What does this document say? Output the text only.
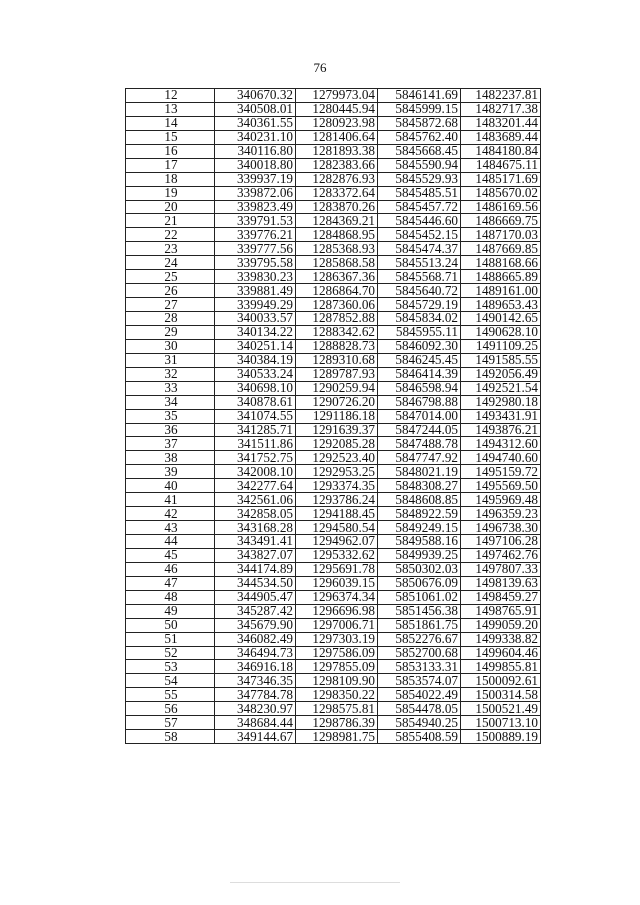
76
12	340670.32	1279973.04	5846141.69	1482237.81
13	340508.01	1280445.94	5845999.15	1482717.38
14	340361.55	1280923.98	5845872.68	1483201.44
15	340231.10	1281406.64	5845762.40	1483689.44
16	340116.80	1281893.38	5845668.45	1484180.84
17	340018.80	1282383.66	5845590.94	1484675.11
18	339937.19	1282876.93	5845529.93	1485171.69
19	339872.06	1283372.64	5845485.51	1485670.02
20	339823.49	1283870.26	5845457.72	1486169.56
21	339791.53	1284369.21	5845446.60	1486669.75
22	339776.21	1284868.95	5845452.15	1487170.03
23	339777.56	1285368.93	5845474.37	1487669.85
24	339795.58	1285868.58	5845513.24	1488168.66
25	339830.23	1286367.36	5845568.71	1488665.89
26	339881.49	1286864.70	5845640.72	1489161.00
27	339949.29	1287360.06	5845729.19	1489653.43
28	340033.57	1287852.88	5845834.02	1490142.65
29	340134.22	1288342.62	5845955.11	1490628.10
30	340251.14	1288828.73	5846092.30	1491109.25
31	340384.19	1289310.68	5846245.45	1491585.55
32	340533.24	1289787.93	5846414.39	1492056.49
33	340698.10	1290259.94	5846598.94	1492521.54
34	340878.61	1290726.20	5846798.88	1492980.18
35	341074.55	1291186.18	5847014.00	1493431.91
36	341285.71	1291639.37	5847244.05	1493876.21
37	341511.86	1292085.28	5847488.78	1494312.60
38	341752.75	1292523.40	5847747.92	1494740.60
39	342008.10	1292953.25	5848021.19	1495159.72
40	342277.64	1293374.35	5848308.27	1495569.50
41	342561.06	1293786.24	5848608.85	1495969.48
42	342858.05	1294188.45	5848922.59	1496359.23
43	343168.28	1294580.54	5849249.15	1496738.30
44	343491.41	1294962.07	5849588.16	1497106.28
45	343827.07	1295332.62	5849939.25	1497462.76
46	344174.89	1295691.78	5850302.03	1497807.33
47	344534.50	1296039.15	5850676.09	1498139.63
48	344905.47	1296374.34	5851061.02	1498459.27
49	345287.42	1296696.98	5851456.38	1498765.91
50	345679.90	1297006.71	5851861.75	1499059.20
51	346082.49	1297303.19	5852276.67	1499338.82
52	346494.73	1297586.09	5852700.68	1499604.46
53	346916.18	1297855.09	5853133.31	1499855.81
54	347346.35	1298109.90	5853574.07	1500092.61
55	347784.78	1298350.22	5854022.49	1500314.58
56	348230.97	1298575.81	5854478.05	1500521.49
57	348684.44	1298786.39	5854940.25	1500713.10
58	349144.67	1298981.75	5855408.59	1500889.19
